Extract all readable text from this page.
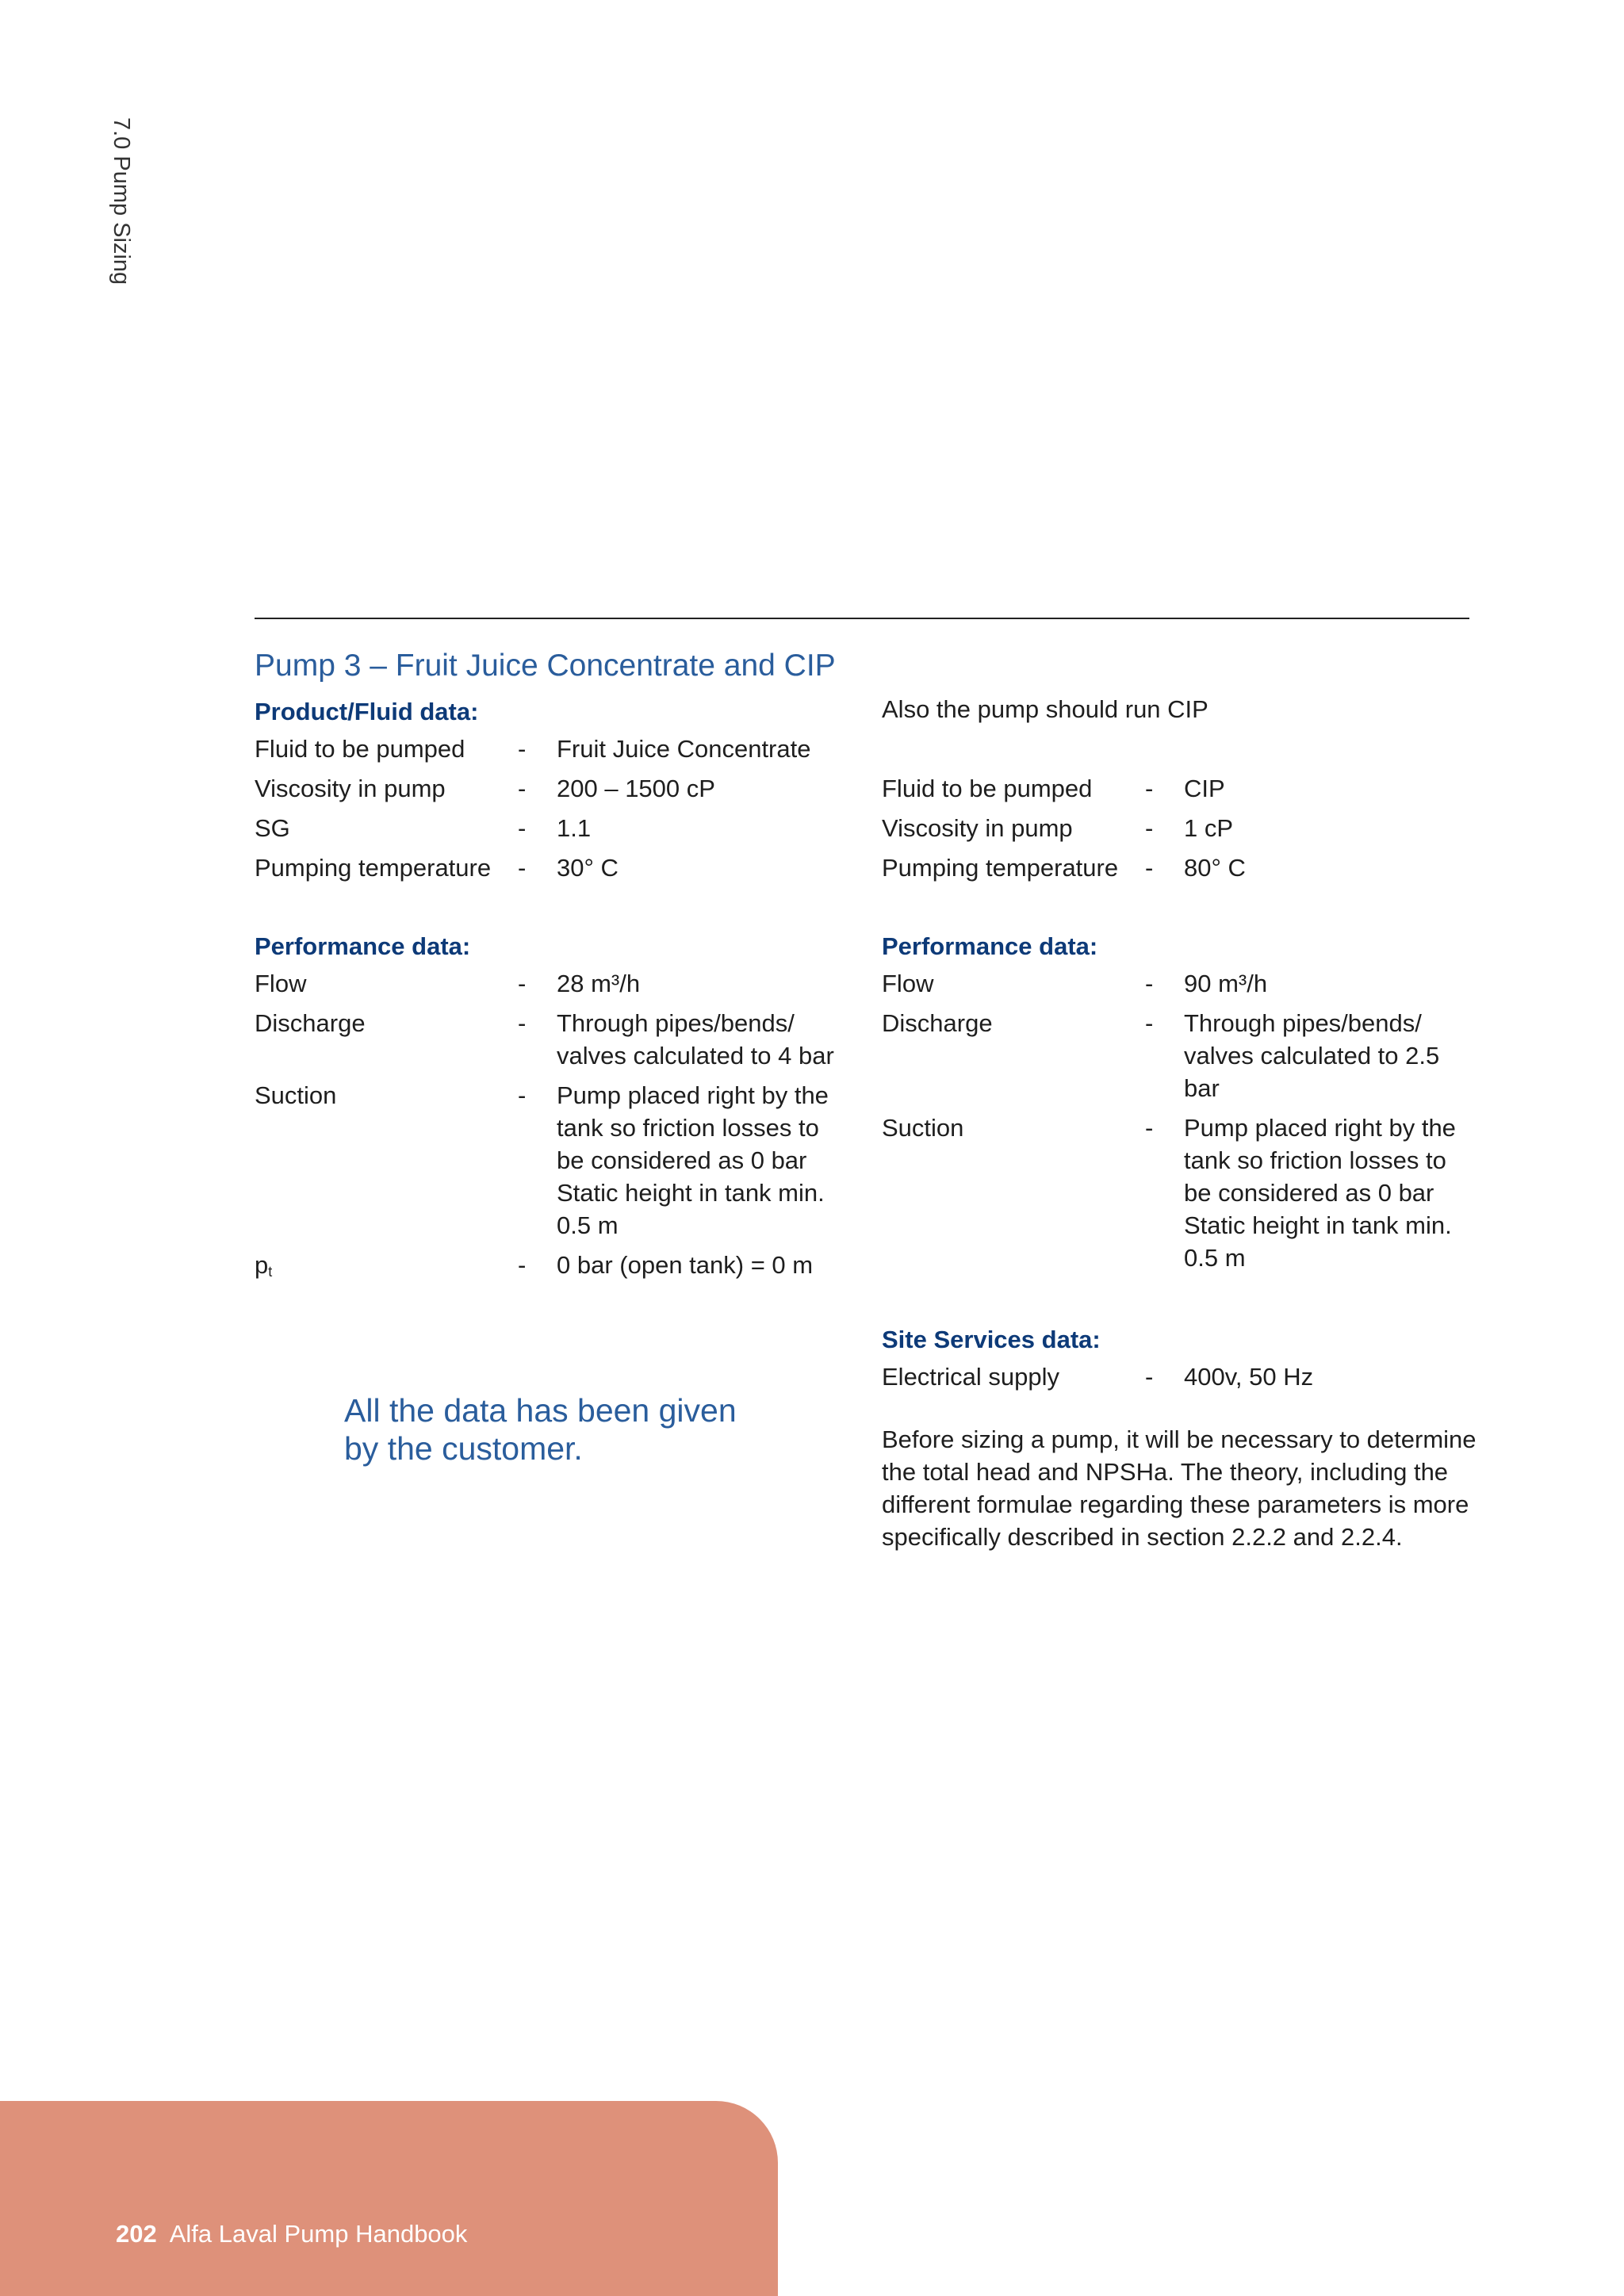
7.0 Pump Sizing
Pump 3 – Fruit Juice Concentrate and CIP
Product/Fluid data:
Fluid to be pumped	-	Fruit Juice Concentrate
Viscosity in pump	-	200 – 1500 cP
SG	-	1.1
Pumping temperature	-	30° C
Performance data:
Flow	-	28 m³/h
Discharge	-	Through pipes/bends/
valves calculated to 4 bar
Suction	-	Pump placed right by the
tank so friction losses to
be considered as 0 bar
Static height in tank min.
0.5 m
$p_t$	-	0 bar (open tank) = 0 m
All the data has been given
by the customer.
Also the pump should run CIP
Fluid to be pumped	-	CIP
Viscosity in pump	-	1 cP
Pumping temperature	-	80° C
Performance data:
Flow	-	90 m³/h
Discharge	-	Through pipes/bends/
valves calculated to 2.5
bar
Suction	-	Pump placed right by the
tank so friction losses to
be considered as 0 bar
Static height in tank min.
0.5 m
Site Services data:
Electrical supply	-	400v, 50 Hz
Before sizing a pump, it will be necessary to determine
the total head and NPSHa. The theory, including the
different formulae regarding these parameters is more
specifically described in section 2.2.2 and 2.2.4.
202 Alfa Laval Pump Handbook
